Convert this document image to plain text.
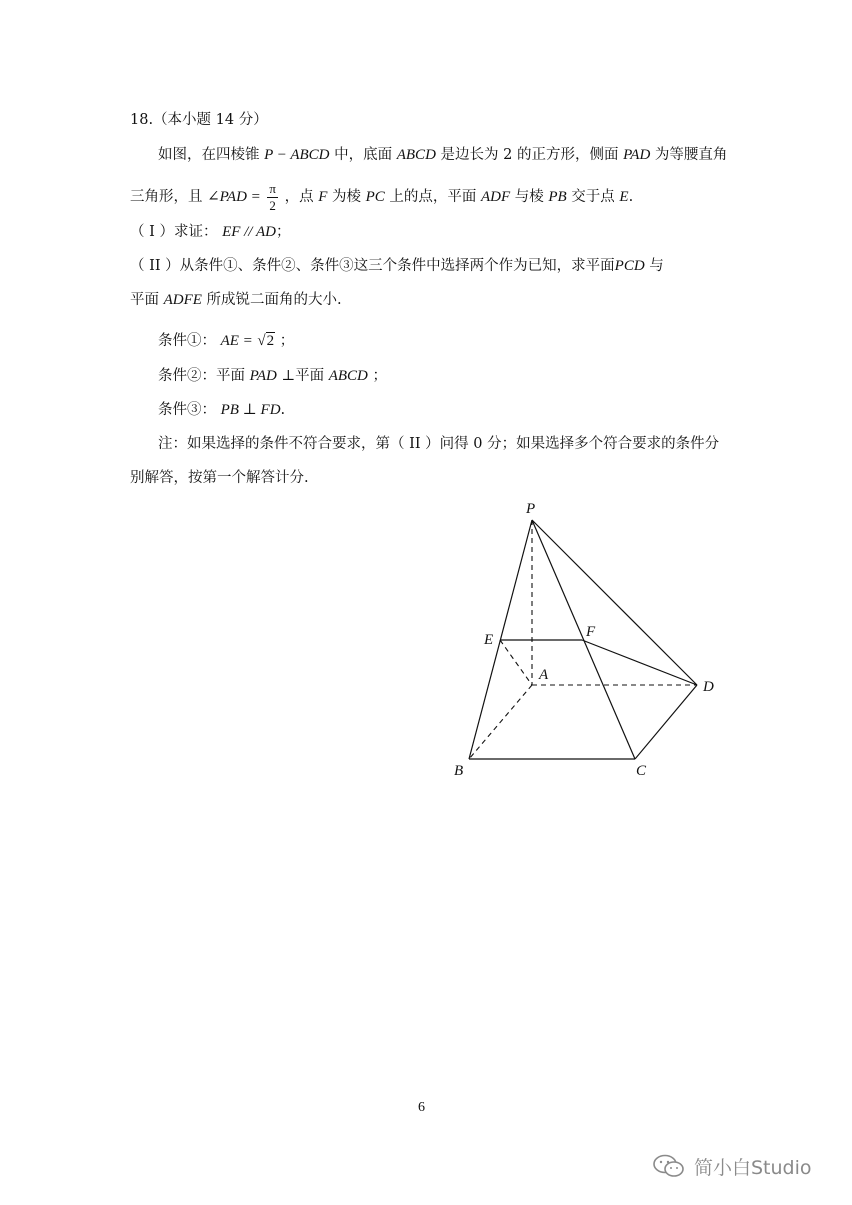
18.（本小题 14 分）
如图，在四棱锥 P − ABCD 中，底面 ABCD 是边长为 2 的正方形，侧面 PAD 为等腰直角
三角形，且 ∠PAD = $\frac{\pi}{2}$ ，点 F 为棱 PC 上的点，平面 ADF 与棱 PB 交于点 E.
（ I ）求证： EF // AD；
（ II ）从条件①、条件②、条件③这三个条件中选择两个作为已知，求平面PCD 与
平面 ADFE 所成锐二面角的大小.
条件①： AE = √2 ；
条件②：平面 PAD ⊥平面 ABCD ；
条件③： PB ⊥ FD.
注：如果选择的条件不符合要求，第（ II ）问得 0 分；如果选择多个符合要求的条件分
别解答，按第一个解答计分.
P
E	F
A
D
B	C
6
简小白Studio
